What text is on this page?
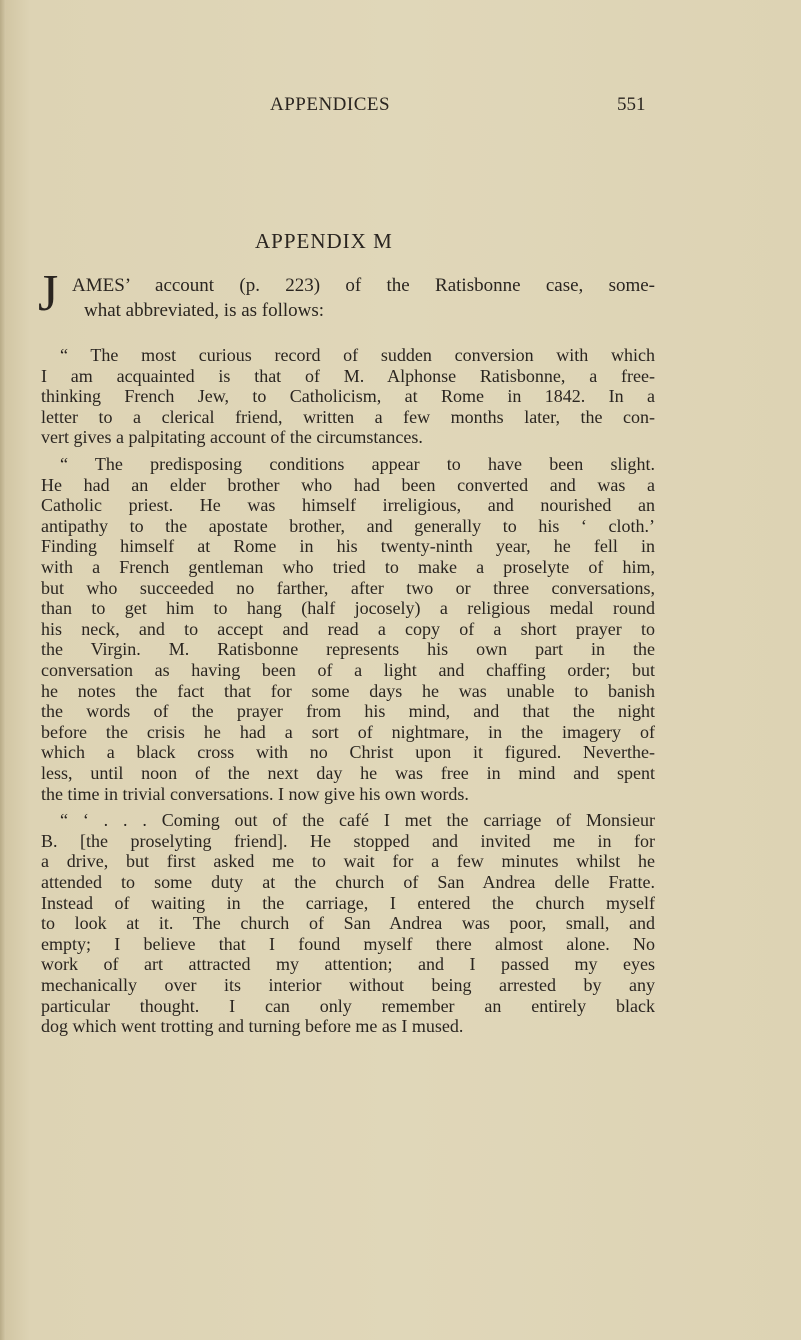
APPENDICES	551
APPENDIX M
J AMES’ account (p. 223) of the Ratisbonne case, some-
what abbreviated, is as follows:
“ The most curious record of sudden conversion with which
I am acquainted is that of M. Alphonse Ratisbonne, a free-
thinking French Jew, to Catholicism, at Rome in 1842. In a
letter to a clerical friend, written a few months later, the con-
vert gives a palpitating account of the circumstances.
“ The predisposing conditions appear to have been slight.
He had an elder brother who had been converted and was a
Catholic priest. He was himself irreligious, and nourished an
antipathy to the apostate brother, and generally to his ‘ cloth.’
Finding himself at Rome in his twenty-ninth year, he fell in
with a French gentleman who tried to make a proselyte of him,
but who succeeded no farther, after two or three conversations,
than to get him to hang (half jocosely) a religious medal round
his neck, and to accept and read a copy of a short prayer to
the Virgin. M. Ratisbonne represents his own part in the
conversation as having been of a light and chaffing order; but
he notes the fact that for some days he was unable to banish
the words of the prayer from his mind, and that the night
before the crisis he had a sort of nightmare, in the imagery of
which a black cross with no Christ upon it figured. Neverthe-
less, until noon of the next day he was free in mind and spent
the time in trivial conversations. I now give his own words.
“ ‘ . . . Coming out of the café I met the carriage of Monsieur
B. [the proselyting friend]. He stopped and invited me in for
a drive, but first asked me to wait for a few minutes whilst he
attended to some duty at the church of San Andrea delle Fratte.
Instead of waiting in the carriage, I entered the church myself
to look at it. The church of San Andrea was poor, small, and
empty; I believe that I found myself there almost alone. No
work of art attracted my attention; and I passed my eyes
mechanically over its interior without being arrested by any
particular thought. I can only remember an entirely black
dog which went trotting and turning before me as I mused.
